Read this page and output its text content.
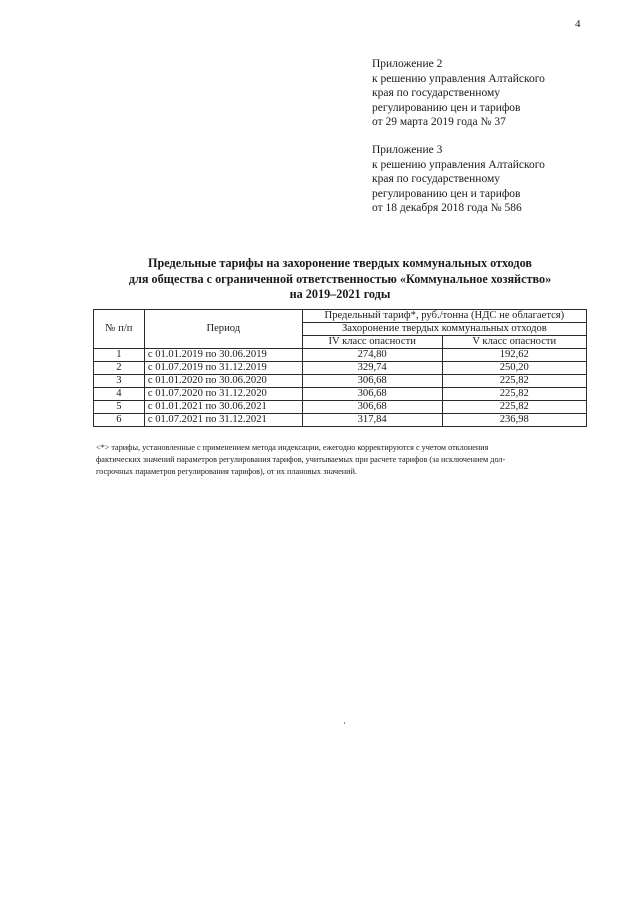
4
Приложение 2
к решению управления Алтайского
края по государственному
регулированию цен и тарифов
от 29 марта 2019 года № 37
Приложение 3
к решению управления Алтайского
края по государственному
регулированию цен и тарифов
от 18 декабря 2018 года № 586
Предельные тарифы на захоронение твердых коммунальных отходов
для общества с ограниченной ответственностью «Коммунальное хозяйство»
на 2019–2021 годы
№ п/п	Период	Предельный тариф*, руб./тонна (НДС не облагается)	
		Захоронение твердых коммунальных отходов	
		IV класс опасности	V класс опасности
1	с 01.01.2019 по 30.06.2019	274,80	192,62
2	с 01.07.2019 по 31.12.2019	329,74	250,20
3	с 01.01.2020 по 30.06.2020	306,68	225,82
4	с 01.07.2020 по 31.12.2020	306,68	225,82
5	с 01.01.2021 по 30.06.2021	306,68	225,82
6	с 01.07.2021 по 31.12.2021	317,84	236,98
<*> тарифы, установленные с применением метода индексации, ежегодно корректируются с учетом отклонения
фактических значений параметров регулирования тарифов, учитываемых при расчете тарифов (за исключением дол-
госрочных параметров регулирования тарифов), от их плановых значений.
